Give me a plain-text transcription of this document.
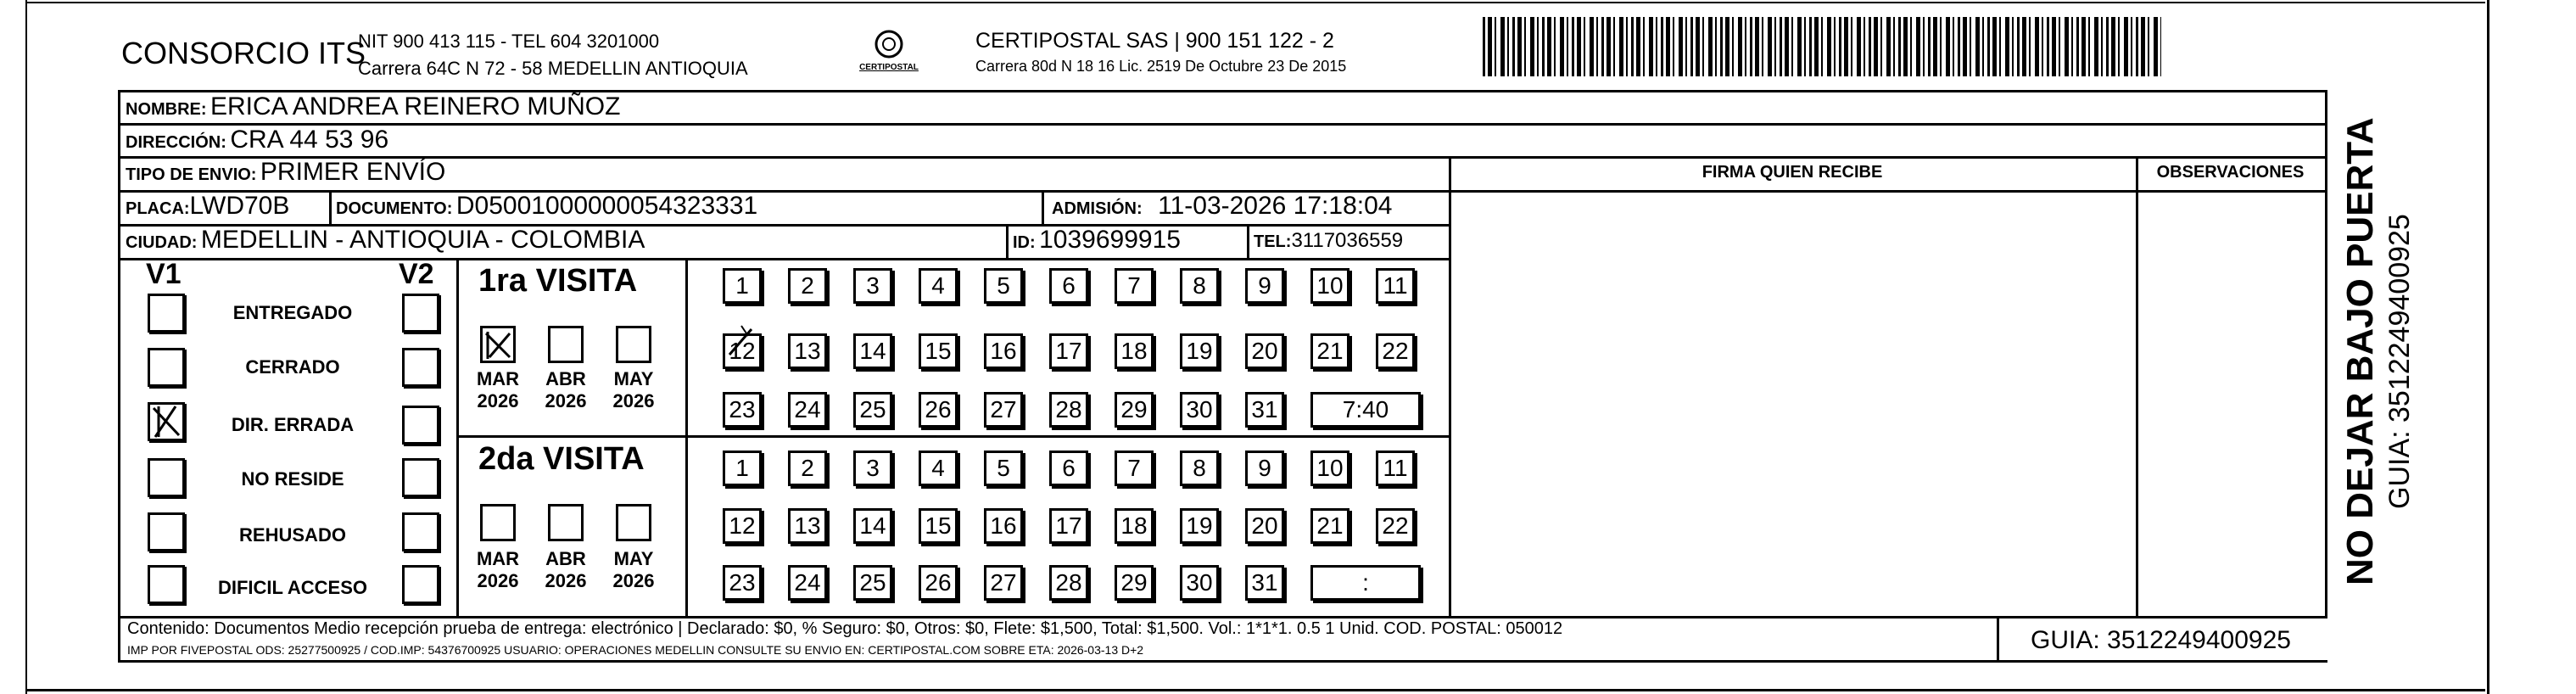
CONSORCIO ITS
NIT 900 413 115 - TEL 604 3201000
Carrera 64C N 72 - 58 MEDELLIN ANTIOQUIA	CERTIPOSTAL
CERTIPOSTAL SAS | 900 151 122 - 2
Carrera 80d N 18 16 Lic. 2519 De Octubre 23 De 2015
NOMBRE: ERICA ANDREA REINERO MUÑOZ
DIRECCIÓN: CRA 44 53 96
TIPO DE ENVIO: PRIMER ENVÍO	FIRMA QUIEN RECIBE	OBSERVACIONES
PLACA:LWD70B	DOCUMENTO: D05001000000054323331	ADMISIÓN: 11-03-2026 17:18:04
CIUDAD: MEDELLIN - ANTIOQUIA - COLOMBIA	ID: 1039699915	TEL:3117036559
V1	V2
ENTREGADO
CERRADO
DIR. ERRADA
NO RESIDE
REHUSADO
DIFICIL ACCESO
1ra VISITA
MAR
2026
ABR
2026
MAY
2026
2da VISITA
MAR
2026
ABR
2026
MAY
2026
1	2	3	4	5	6	7	8	9	10	11
12 13 14 15 16 17 18 19 20 21 22
23 24 25 26 27 28 29 30 31	7:40
1	2	3	4	5	6	7	8	9	10	11
12 13 14 15 16 17 18 19 20 21 22
23 24 25 26 27 28 29 30 31	:
Contenido: Documentos Medio recepción prueba de entrega: electrónico | Declarado: $0, % Seguro: $0, Otros: $0, Flete: $1,500, Total: $1,500. Vol.: 1*1*1. 0.5 1 Unid. COD. POSTAL: 050012
IMP POR FIVEPOSTAL ODS: 25277500925 / COD.IMP: 54376700925 USUARIO: OPERACIONES MEDELLIN CONSULTE SU ENVIO EN: CERTIPOSTAL.COM SOBRE ETA: 2026-03-13 D+2	GUIA: 3512249400925
NO DEJAR BAJO PUERTA GUIA: 3512249400925
